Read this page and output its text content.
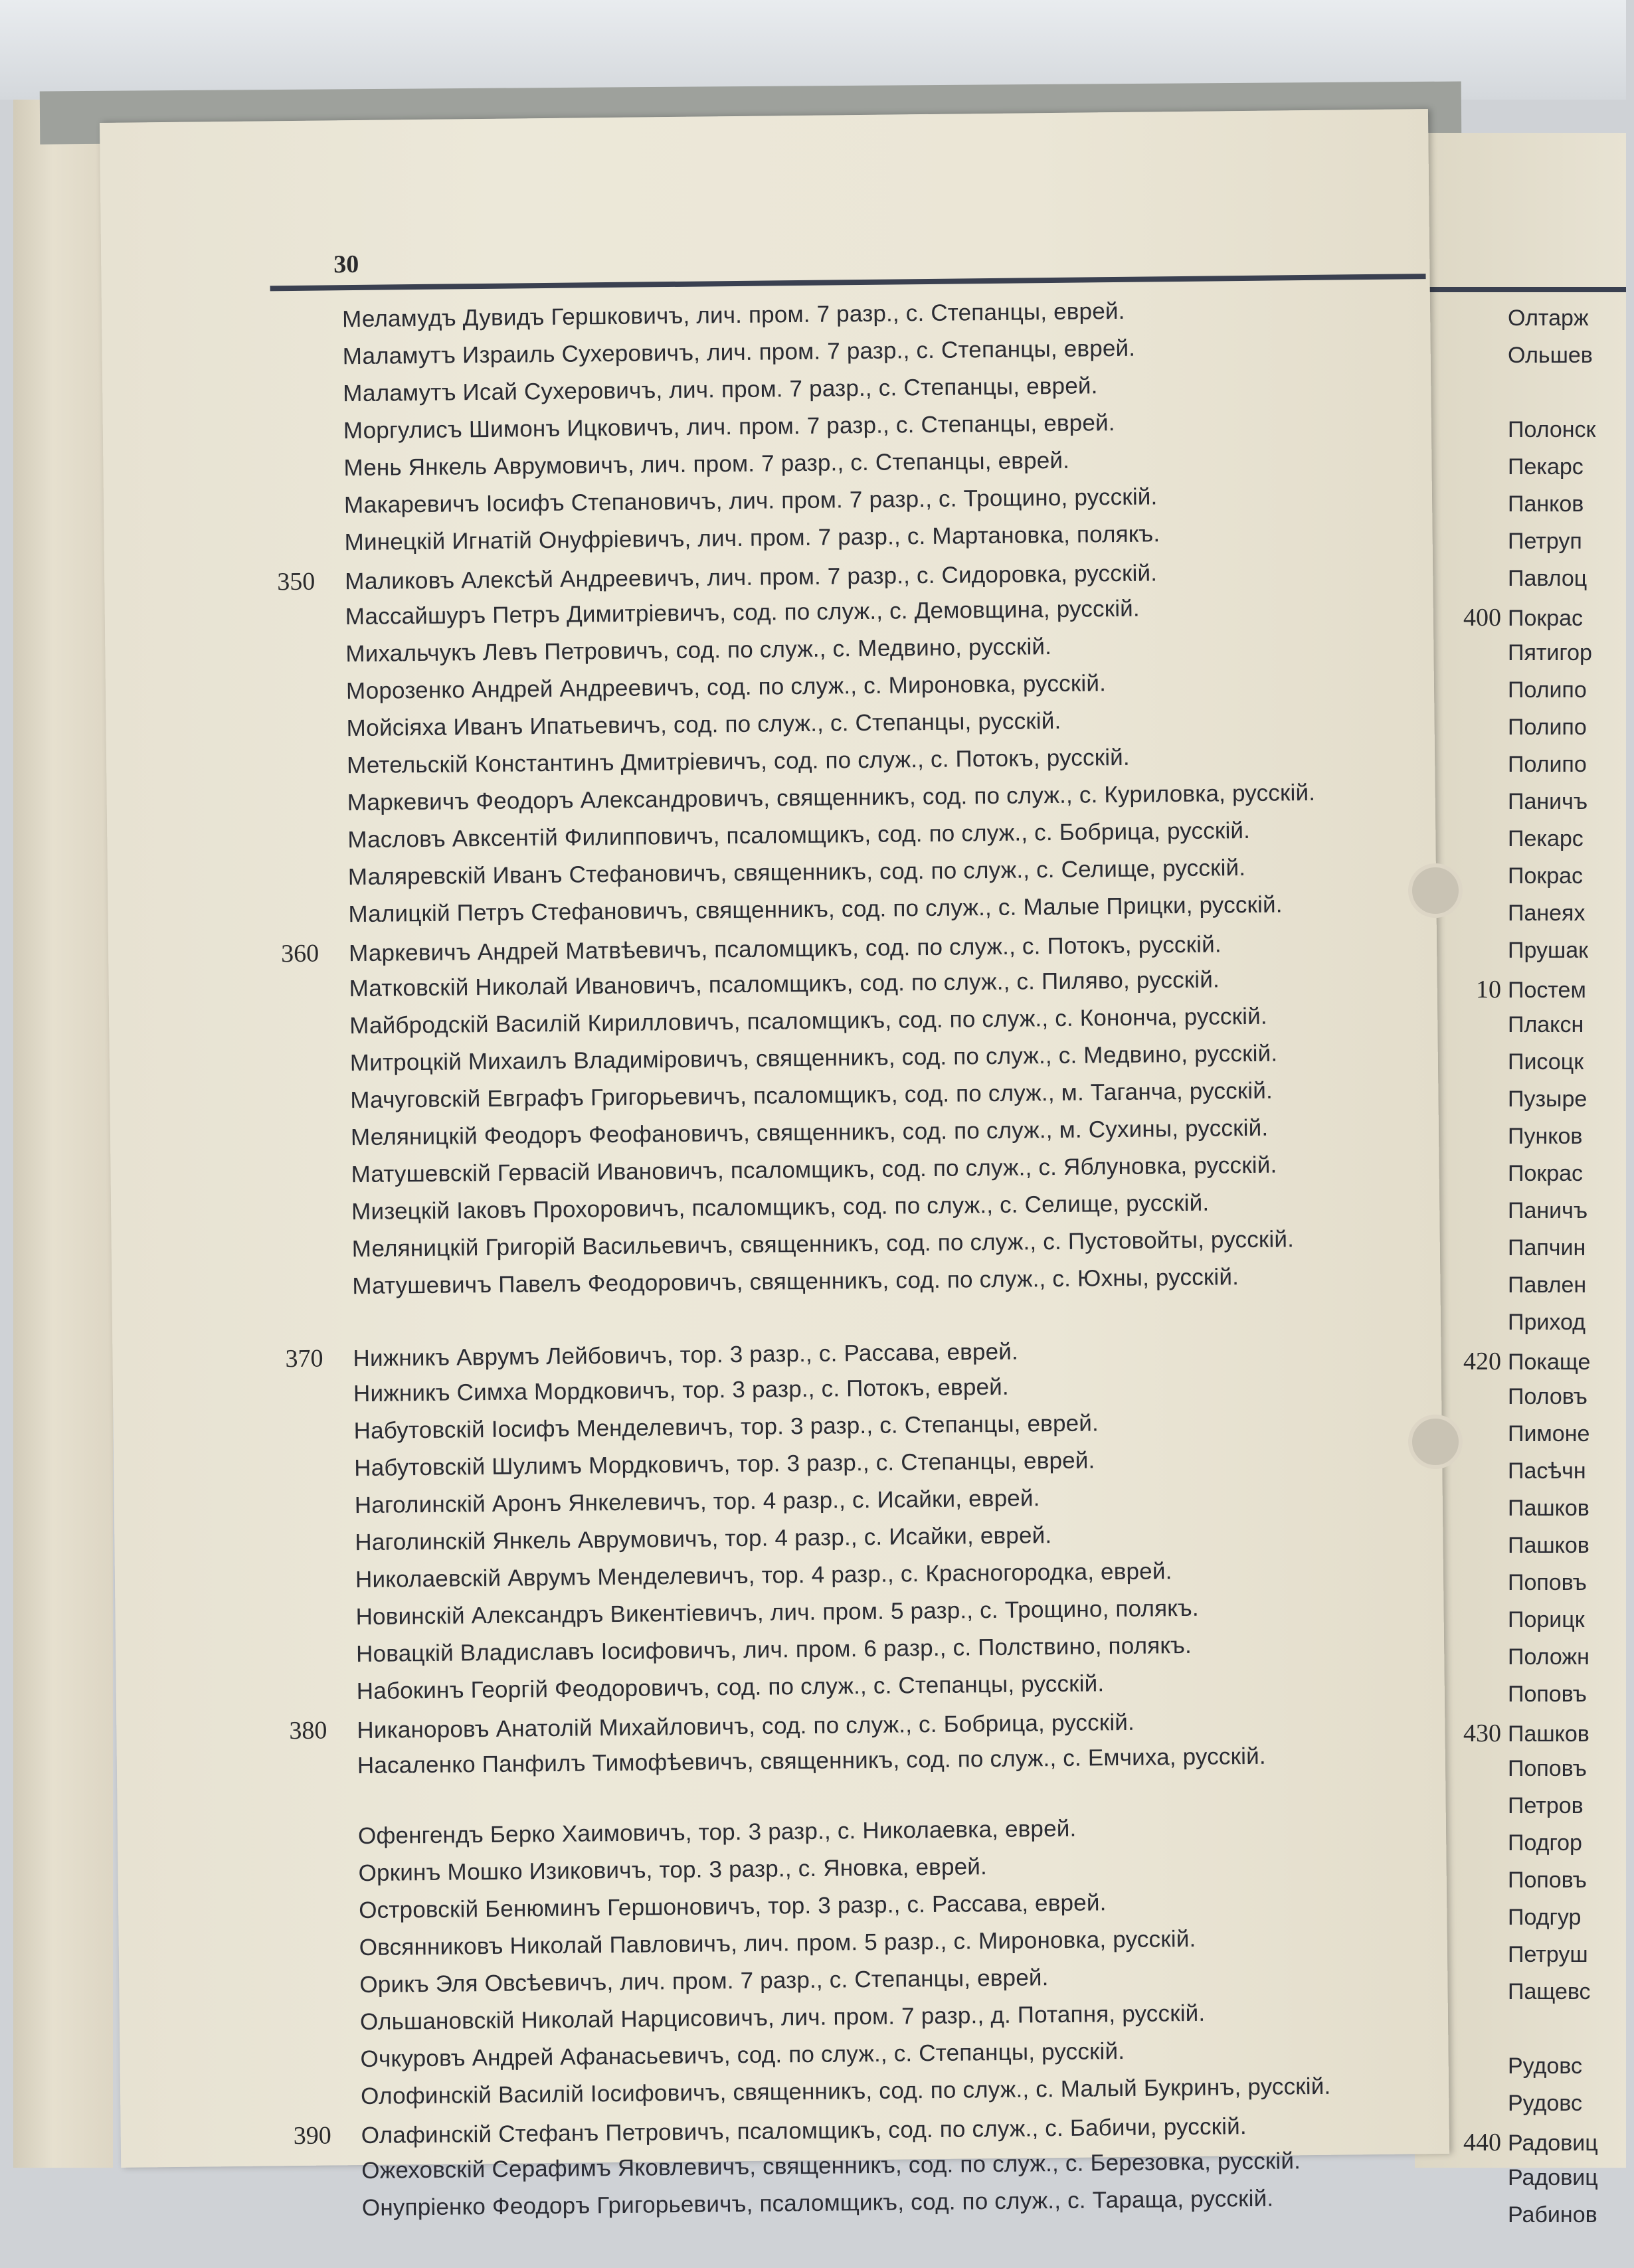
Олтарж
Ольшев
Полонск
Пекарс
Панков
Петруп
Павлоц
400 Покрас
Пятигор
Полипо
Полипо
Полипо
Паничъ
Пекарс
Покрас
Панеях
Прушак
10 Постем
Плаксн
Писоцк
Пузыре
Пунков
Покрас
Паничъ
Папчин
Павлен
Приход
420 Покаще
Половъ
Пимоне
Пасѣчн
Пашков
Пашков
Поповъ
Порицк
Положн
Поповъ
430 Пашков
Поповъ
Петров
Подгор
Поповъ
Подгур
Петруш
Пащевс
Рудовс
Рудовс
440 Радовиц
Радовиц
Рабинов
30
Меламудъ Дувидъ Гершковичъ, лич. пром. 7 разр., с. Степанцы, еврей.
Маламутъ Израиль Сухеровичъ, лич. пром. 7 разр., с. Степанцы, еврей.
Маламутъ Исай Сухеровичъ, лич. пром. 7 разр., с. Степанцы, еврей.
Моргулисъ Шимонъ Ицковичъ, лич. пром. 7 разр., с. Степанцы, еврей.
Мень Янкель Аврумовичъ, лич. пром. 7 разр., с. Степанцы, еврей.
Макаревичъ Іосифъ Степановичъ, лич. пром. 7 разр., с. Трощино, русскій.
Минецкій Игнатій Онуфріевичъ, лич. пром. 7 разр., с. Мартановка, полякъ.
350	Маликовъ Алексѣй Андреевичъ, лич. пром. 7 разр., с. Сидоровка, русскій.
Массайшуръ Петръ Димитріевичъ, сод. по служ., с. Демовщина, русскій.
Михальчукъ Левъ Петровичъ, сод. по служ., с. Медвино, русскій.
Морозенко Андрей Андреевичъ, сод. по служ., с. Мироновка, русскій.
Мойсіяха Иванъ Ипатьевичъ, сод. по служ., с. Степанцы, русскій.
Метельскій Константинъ Дмитріевичъ, сод. по служ., с. Потокъ, русскій.
Маркевичъ Феодоръ Александровичъ, священникъ, сод. по служ., с. Куриловка, русскій.
Масловъ Авксентій Филипповичъ, псаломщикъ, сод. по служ., с. Бобрица, русскій.
Маляревскій Иванъ Стефановичъ, священникъ, сод. по служ., с. Селище, русскій.
Малицкій Петръ Стефановичъ, священникъ, сод. по служ., с. Малые Прицки, русскій.
360	Маркевичъ Андрей Матвѣевичъ, псаломщикъ, сод. по служ., с. Потокъ, русскій.
Матковскій Николай Ивановичъ, псаломщикъ, сод. по служ., с. Пиляво, русскій.
Майбродскій Василій Кирилловичъ, псаломщикъ, сод. по служ., с. Кононча, русскій.
Митроцкій Михаилъ Владиміровичъ, священникъ, сод. по служ., с. Медвино, русскій.
Мачуговскій Евграфъ Григорьевичъ, псаломщикъ, сод. по служ., м. Таганча, русскій.
Меляницкій Феодоръ Феофановичъ, священникъ, сод. по служ., м. Сухины, русскій.
Матушевскій Гервасій Ивановичъ, псаломщикъ, сод. по служ., с. Яблуновка, русскій.
Мизецкій Іаковъ Прохоровичъ, псаломщикъ, сод. по служ., с. Селище, русскій.
Меляницкій Григорій Васильевичъ, священникъ, сод. по служ., с. Пустовойты, русскій.
Матушевичъ Павелъ Феодоровичъ, священникъ, сод. по служ., с. Юхны, русскій.
370	Нижникъ Аврумъ Лейбовичъ, тор. 3 разр., с. Рассава, еврей.
Нижникъ Симха Мордковичъ, тор. 3 разр., с. Потокъ, еврей.
Набутовскій Іосифъ Менделевичъ, тор. 3 разр., с. Степанцы, еврей.
Набутовскій Шулимъ Мордковичъ, тор. 3 разр., с. Степанцы, еврей.
Наголинскій Аронъ Янкелевичъ, тор. 4 разр., с. Исайки, еврей.
Наголинскій Янкель Аврумовичъ, тор. 4 разр., с. Исайки, еврей.
Николаевскій Аврумъ Менделевичъ, тор. 4 разр., с. Красногородка, еврей.
Новинскій Александръ Викентіевичъ, лич. пром. 5 разр., с. Трощино, полякъ.
Новацкій Владиславъ Іосифовичъ, лич. пром. 6 разр., с. Полствино, полякъ.
Набокинъ Георгій Феодоровичъ, сод. по служ., с. Степанцы, русскій.
380	Никаноровъ Анатолій Михайловичъ, сод. по служ., с. Бобрица, русскій.
Насаленко Панфилъ Тимофѣевичъ, священникъ, сод. по служ., с. Емчиха, русскій.
Офенгендъ Берко Хаимовичъ, тор. 3 разр., с. Николаевка, еврей.
Оркинъ Мошко Изиковичъ, тор. 3 разр., с. Яновка, еврей.
Островскій Бенюминъ Гершоновичъ, тор. 3 разр., с. Рассава, еврей.
Овсянниковъ Николай Павловичъ, лич. пром. 5 разр., с. Мироновка, русскій.
Орикъ Эля Овсѣевичъ, лич. пром. 7 разр., с. Степанцы, еврей.
Ольшановскій Николай Нарцисовичъ, лич. пром. 7 разр., д. Потапня, русскій.
Очкуровъ Андрей Афанасьевичъ, сод. по служ., с. Степанцы, русскій.
Олофинскій Василій Іосифовичъ, священникъ, сод. по служ., с. Малый Букринъ, русскій.
390	Олафинскій Стефанъ Петровичъ, псаломщикъ, сод. по служ., с. Бабичи, русскій.
Ожеховскій Серафимъ Яковлевичъ, священникъ, сод. по служ., с. Березовка, русскій.
Онупріенко Феодоръ Григорьевичъ, псаломщикъ, сод. по служ., с. Таращa, русскій.
